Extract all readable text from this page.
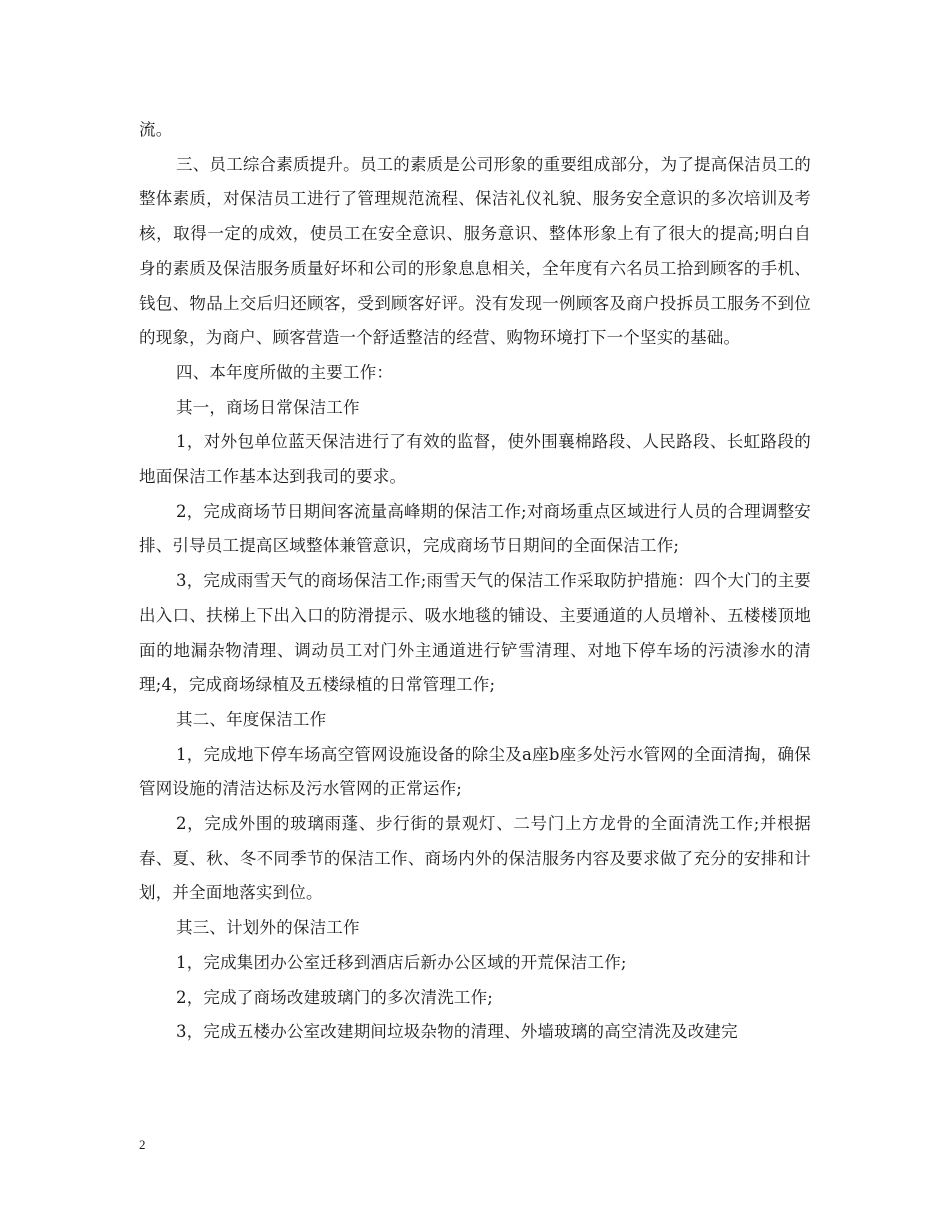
流。

三、员工综合素质提升。员工的素质是公司形象的重要组成部分，为了提高保洁员工的整体素质，对保洁员工进行了管理规范流程、保洁礼仪礼貌、服务安全意识的多次培训及考核，取得一定的成效，使员工在安全意识、服务意识、整体形象上有了很大的提高;明白自身的素质及保洁服务质量好坏和公司的形象息息相关，全年度有六名员工拾到顾客的手机、钱包、物品上交后归还顾客，受到顾客好评。没有发现一例顾客及商户投拆员工服务不到位的现象，为商户、顾客营造一个舒适整洁的经营、购物环境打下一个坚实的基础。

四、本年度所做的主要工作：

其一，商场日常保洁工作

1，对外包单位蓝天保洁进行了有效的监督，使外围襄棉路段、人民路段、长虹路段的地面保洁工作基本达到我司的要求。

2，完成商场节日期间客流量高峰期的保洁工作;对商场重点区域进行人员的合理调整安排、引导员工提高区域整体兼管意识，完成商场节日期间的全面保洁工作;

3，完成雨雪天气的商场保洁工作;雨雪天气的保洁工作采取防护措施：四个大门的主要出入口、扶梯上下出入口的防滑提示、吸水地毯的铺设、主要通道的人员增补、五楼楼顶地面的地漏杂物清理、调动员工对门外主通道进行铲雪清理、对地下停车场的污渍渗水的清理;4，完成商场绿植及五楼绿植的日常管理工作;

其二、年度保洁工作

1，完成地下停车场高空管网设施设备的除尘及a座b座多处污水管网的全面清掏，确保管网设施的清洁达标及污水管网的正常运作;

2，完成外围的玻璃雨蓬、步行街的景观灯、二号门上方龙骨的全面清洗工作;并根据春、夏、秋、冬不同季节的保洁工作、商场内外的保洁服务内容及要求做了充分的安排和计划，并全面地落实到位。

其三、计划外的保洁工作

1，完成集团办公室迁移到酒店后新办公区域的开荒保洁工作;

2，完成了商场改建玻璃门的多次清洗工作;

3，完成五楼办公室改建期间垃圾杂物的清理、外墙玻璃的高空清洗及改建完

2
